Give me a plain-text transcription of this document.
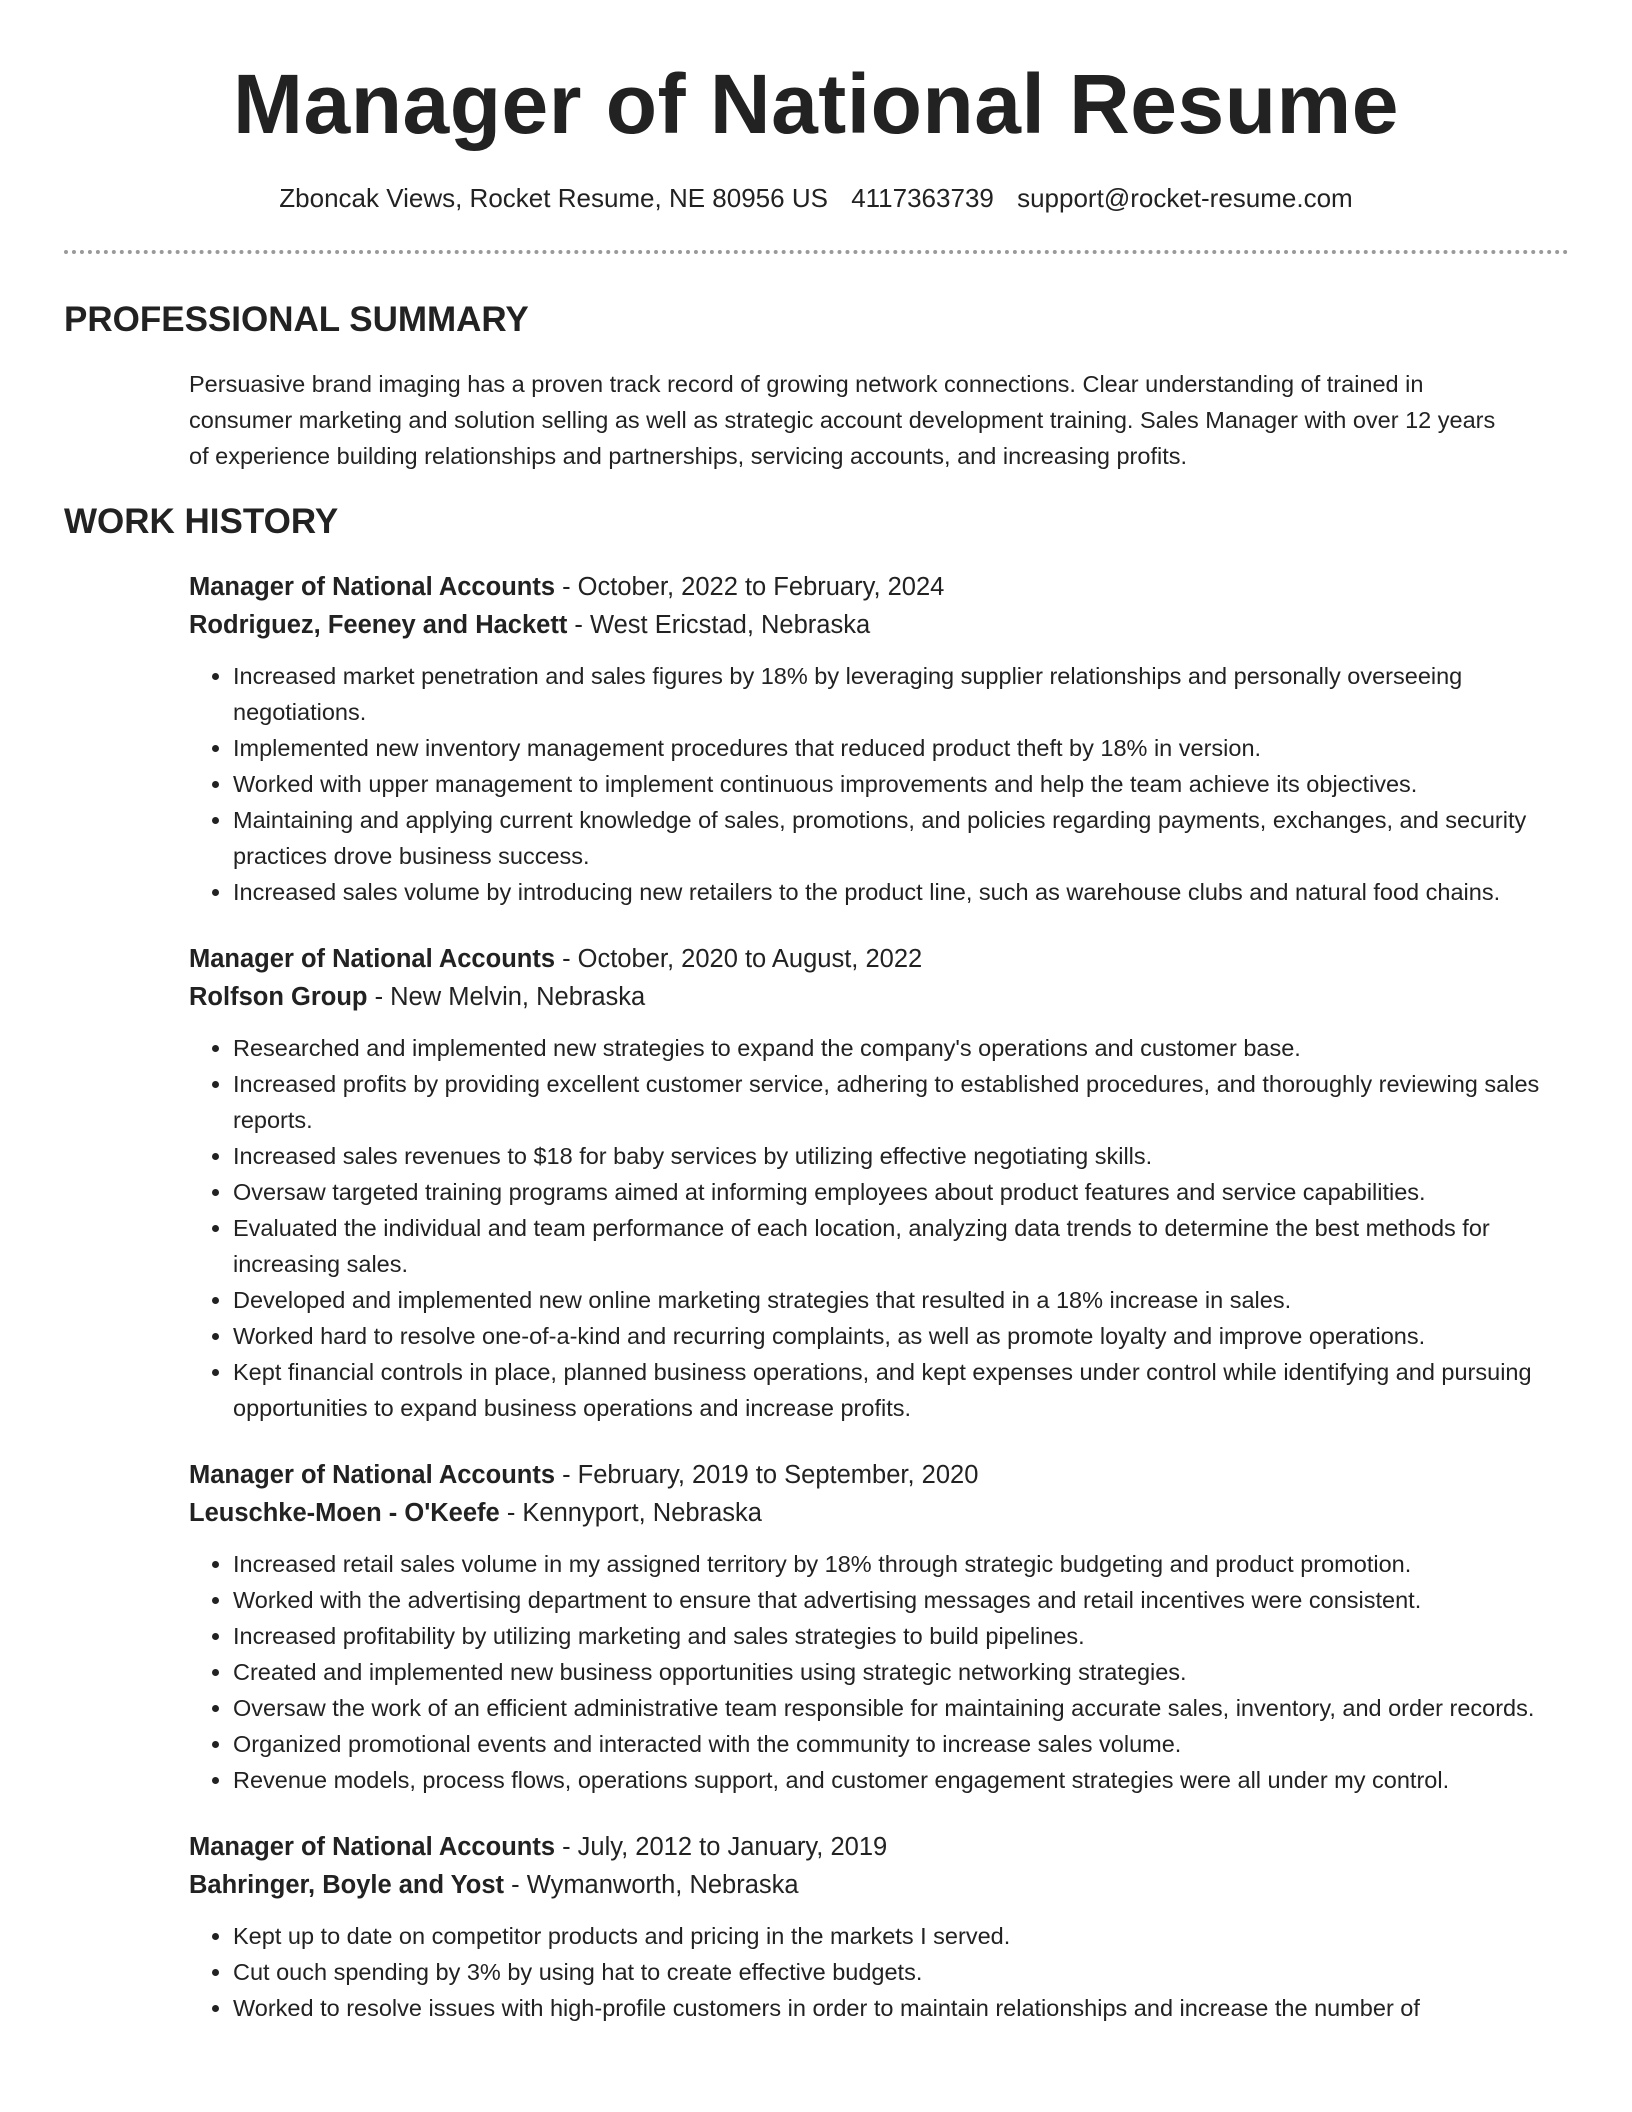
Manager of National Resume
Zboncak Views, Rocket Resume, NE 80956 US 4117363739 support@rocket-resume.com
PROFESSIONAL SUMMARY

Persuasive brand imaging has a proven track record of growing network connections. Clear understanding of trained in consumer marketing and solution selling as well as strategic account development training. Sales Manager with over 12 years of experience building relationships and partnerships, servicing accounts, and increasing profits.

WORK HISTORY
Manager of National Accounts - October, 2022 to February, 2024
Rodriguez, Feeney and Hackett - West Ericstad, Nebraska
• Increased market penetration and sales figures by 18% by leveraging supplier relationships and personally overseeing negotiations.
• Implemented new inventory management procedures that reduced product theft by 18% in version.
• Worked with upper management to implement continuous improvements and help the team achieve its objectives.
• Maintaining and applying current knowledge of sales, promotions, and policies regarding payments, exchanges, and security practices drove business success.
• Increased sales volume by introducing new retailers to the product line, such as warehouse clubs and natural food chains.
Manager of National Accounts - October, 2020 to August, 2022
Rolfson Group - New Melvin, Nebraska
• Researched and implemented new strategies to expand the company's operations and customer base.
• Increased profits by providing excellent customer service, adhering to established procedures, and thoroughly reviewing sales reports.
• Increased sales revenues to $18 for baby services by utilizing effective negotiating skills.
• Oversaw targeted training programs aimed at informing employees about product features and service capabilities.
• Evaluated the individual and team performance of each location, analyzing data trends to determine the best methods for increasing sales.
• Developed and implemented new online marketing strategies that resulted in a 18% increase in sales.
• Worked hard to resolve one-of-a-kind and recurring complaints, as well as promote loyalty and improve operations.
• Kept financial controls in place, planned business operations, and kept expenses under control while identifying and pursuing opportunities to expand business operations and increase profits.
Manager of National Accounts - February, 2019 to September, 2020
Leuschke-Moen - O'Keefe - Kennyport, Nebraska
• Increased retail sales volume in my assigned territory by 18% through strategic budgeting and product promotion.
• Worked with the advertising department to ensure that advertising messages and retail incentives were consistent.
• Increased profitability by utilizing marketing and sales strategies to build pipelines.
• Created and implemented new business opportunities using strategic networking strategies.
• Oversaw the work of an efficient administrative team responsible for maintaining accurate sales, inventory, and order records.
• Organized promotional events and interacted with the community to increase sales volume.
• Revenue models, process flows, operations support, and customer engagement strategies were all under my control.
Manager of National Accounts - July, 2012 to January, 2019
Bahringer, Boyle and Yost - Wymanworth, Nebraska
• Kept up to date on competitor products and pricing in the markets I served.
• Cut ouch spending by 3% by using hat to create effective budgets.
• Worked to resolve issues with high-profile customers in order to maintain relationships and increase the number of
